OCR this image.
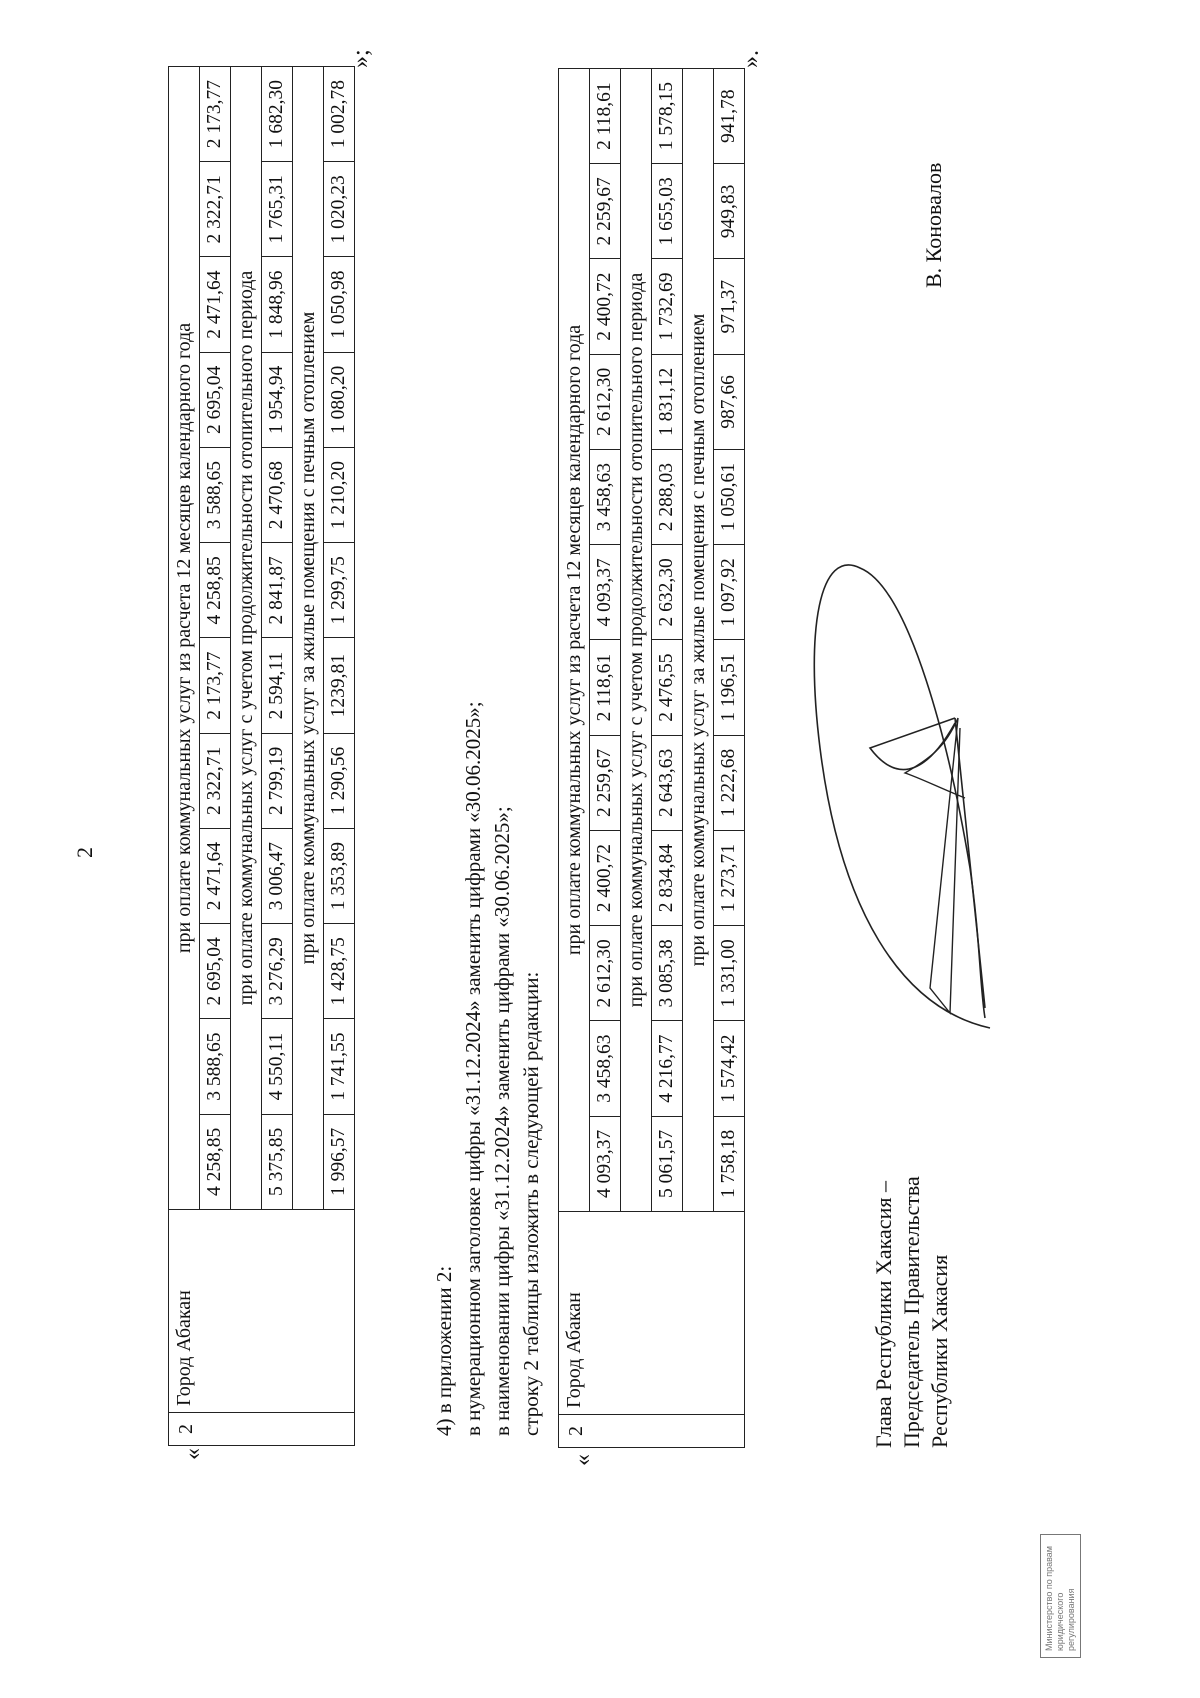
2
«
2	Город Абакан	при оплате коммунальных услуг из расчета 12 месяцев календарного года											
		4 258,85	3 588,65	2 695,04	2 471,64	2 322,71	2 173,77	4 258,85	3 588,65	2 695,04	2 471,64	2 322,71	2 173,77
		при оплате коммунальных услуг с учетом продолжительности отопительного периода											
		5 375,85	4 550,11	3 276,29	3 006,47	2 799,19	2 594,11	2 841,87	2 470,68	1 954,94	1 848,96	1 765,31	1 682,30
		при оплате коммунальных услуг за жилые помещения с печным отоплением											
		1 996,57	1 741,55	1 428,75	1 353,89	1 290,56	1239,81	1 299,75	1 210,20	1 080,20	1 050,98	1 020,23	1 002,78
»;
4) в приложении 2: в нумерационном заголовке цифры «31.12.2024» заменить цифрами «30.06.2025»; в наименовании цифры «31.12.2024» заменить цифрами «30.06.2025»; строку 2 таблицы изложить в следующей редакции:
«
2	Город Абакан	при оплате коммунальных услуг из расчета 12 месяцев календарного года											
		4 093,37	3 458,63	2 612,30	2 400,72	2 259,67	2 118,61	4 093,37	3 458,63	2 612,30	2 400,72	2 259,67	2 118,61
		при оплате коммунальных услуг с учетом продолжительности отопительного периода											
		5 061,57	4 216,77	3 085,38	2 834,84	2 643,63	2 476,55	2 632,30	2 288,03	1 831,12	1 732,69	1 655,03	1 578,15
		при оплате коммунальных услуг за жилые помещения с печным отоплением											
		1 758,18	1 574,42	1 331,00	1 273,71	1 222,68	1 196,51	1 097,92	1 050,61	987,66	971,37	949,83	941,78
».
Глава Республики Хакасия – Председатель Правительства Республики Хакасия
В. Коновалов
Министерство по правам юридического регулирования
